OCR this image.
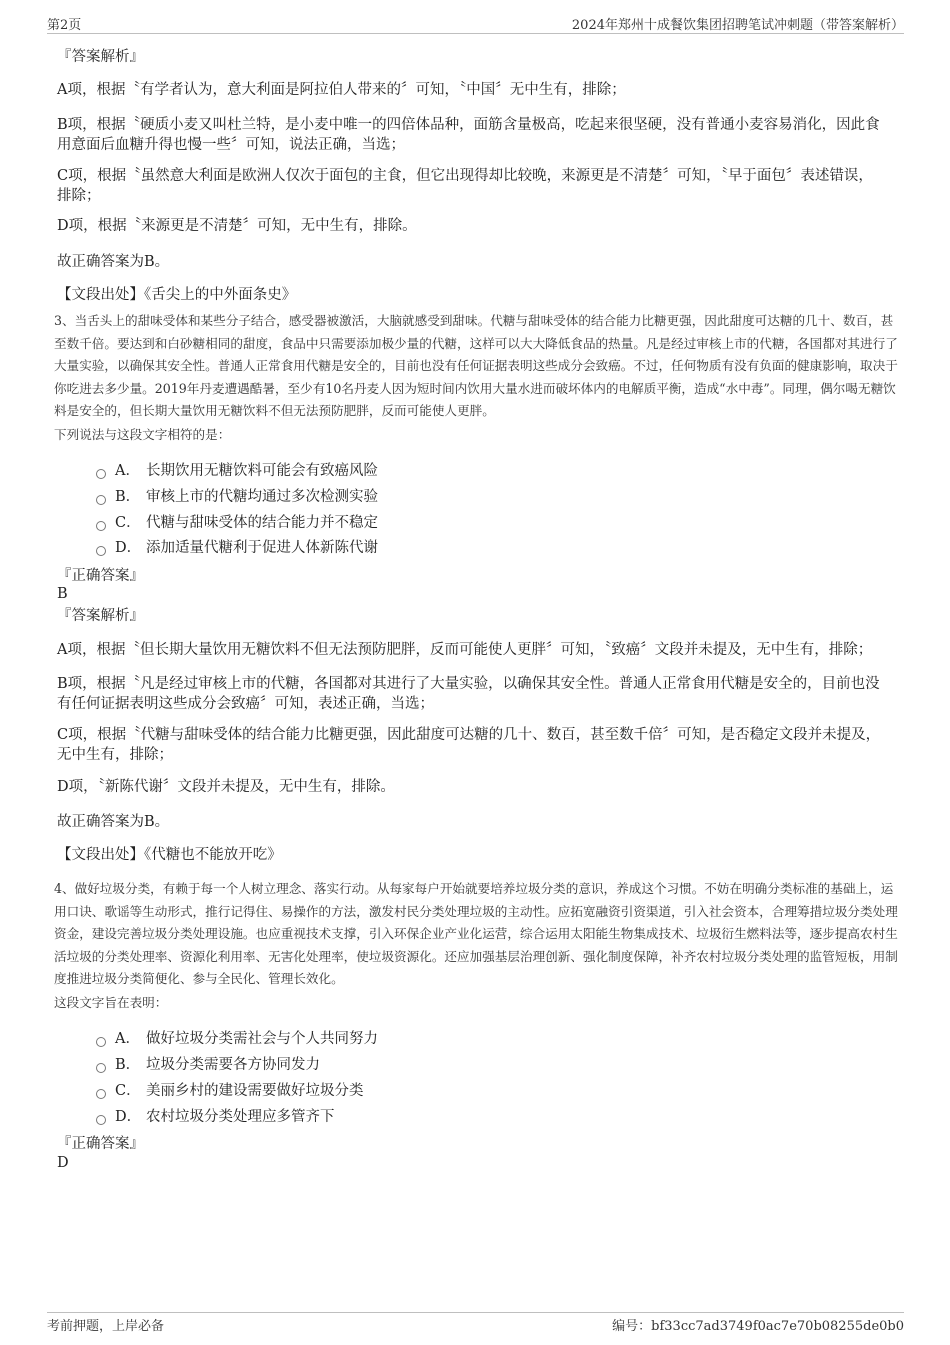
第2页	2024年郑州十成餐饮集团招聘笔试冲刺题（带答案解析）
『答案解析』
A项，根据〝有学者认为，意大利面是阿拉伯人带来的〞可知，〝中国〞无中生有，排除；
B项，根据〝硬质小麦又叫杜兰特，是小麦中唯一的四倍体品种，面筋含量极高，吃起来很坚硬，没有普通小麦容易消化，因此食用意面后血糖升得也慢一些〞可知，说法正确，当选；
C项，根据〝虽然意大利面是欧洲人仅次于面包的主食，但它出现得却比较晚，来源更是不清楚〞可知，〝早于面包〞表述错误，排除；
D项，根据〝来源更是不清楚〞可知，无中生有，排除。
故正确答案为B。
【文段出处】《舌尖上的中外面条史》
3、当舌头上的甜味受体和某些分子结合，感受器被激活，大脑就感受到甜味。代糖与甜味受体的结合能力比糖更强，因此甜度可达糖的几十、数百，甚至数千倍。要达到和白砂糖相同的甜度，食品中只需要添加极少量的代糖，这样可以大大降低食品的热量。凡是经过审核上市的代糖，各国都对其进行了大量实验，以确保其安全性。普通人正常食用代糖是安全的，目前也没有任何证据表明这些成分会致癌。不过，任何物质有没有负面的健康影响，取决于你吃进去多少量。2019年丹麦遭遇酷暑，至少有10名丹麦人因为短时间内饮用大量水进而破坏体内的电解质平衡，造成“水中毒”。同理，偶尔喝无糖饮料是安全的，但长期大量饮用无糖饮料不但无法预防肥胖，反而可能使人更胖。
下列说法与这段文字相符的是：
A． 长期饮用无糖饮料可能会有致癌风险
B． 审核上市的代糖均通过多次检测实验
C． 代糖与甜味受体的结合能力并不稳定
D． 添加适量代糖利于促进人体新陈代谢
『正确答案』
B
『答案解析』
A项，根据〝但长期大量饮用无糖饮料不但无法预防肥胖，反而可能使人更胖〞可知，〝致癌〞文段并未提及，无中生有，排除；
B项，根据〝凡是经过审核上市的代糖，各国都对其进行了大量实验，以确保其安全性。普通人正常食用代糖是安全的，目前也没有任何证据表明这些成分会致癌〞可知，表述正确，当选；
C项，根据〝代糖与甜味受体的结合能力比糖更强，因此甜度可达糖的几十、数百，甚至数千倍〞可知，是否稳定文段并未提及，无中生有，排除；
D项，〝新陈代谢〞文段并未提及，无中生有，排除。
故正确答案为B。
【文段出处】《代糖也不能放开吃》
4、做好垃圾分类，有赖于每一个人树立理念、落实行动。从每家每户开始就要培养垃圾分类的意识，养成这个习惯。不妨在明确分类标准的基础上，运用口诀、歌谣等生动形式，推行记得住、易操作的方法，激发村民分类处理垃圾的主动性。应拓宽融资引资渠道，引入社会资本，合理筹措垃圾分类处理资金，建设完善垃圾分类处理设施。也应重视技术支撑，引入环保企业产业化运营，综合运用太阳能生物集成技术、垃圾衍生燃料法等，逐步提高农村生活垃圾的分类处理率、资源化利用率、无害化处理率，使垃圾资源化。还应加强基层治理创新、强化制度保障，补齐农村垃圾分类处理的监管短板，用制度推进垃圾分类简便化、参与全民化、管理长效化。
这段文字旨在表明：
A． 做好垃圾分类需社会与个人共同努力
B． 垃圾分类需要各方协同发力
C． 美丽乡村的建设需要做好垃圾分类
D． 农村垃圾分类处理应多管齐下
『正确答案』
D
考前押题，上岸必备	编号：bf33cc7ad3749f0ac7e70b08255de0b0
